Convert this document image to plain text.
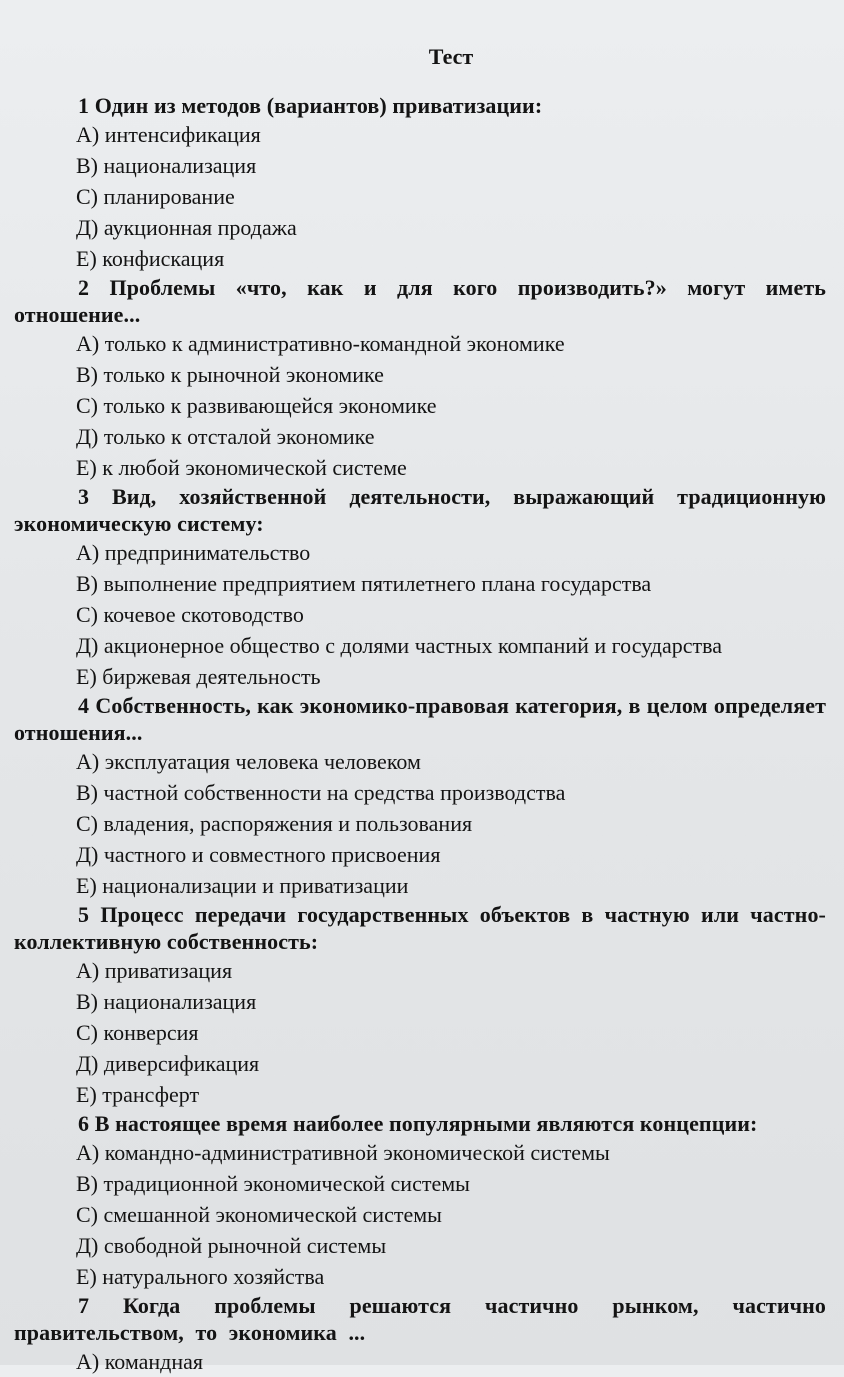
Тест

1 Один из методов (вариантов) приватизации:

А) интенсификация
В) национализация
С) планирование
Д) аукционная продажа
Е) конфискация

2 Проблемы «что, как и для кого производить?» могут иметь отношение...

А) только к административно-командной экономике
В) только к рыночной экономике
С) только к развивающейся экономике
Д) только к отсталой экономике
Е) к любой экономической системе

3 Вид, хозяйственной деятельности, выражающий традиционную экономическую систему:

А) предпринимательство
В) выполнение предприятием пятилетнего плана государства
С) кочевое скотоводство
Д) акционерное общество с долями частных компаний и государства
Е) биржевая деятельность

4 Собственность, как экономико-правовая категория, в целом определяет отношения...

А) эксплуатация человека человеком
В) частной собственности на средства производства
С) владения, распоряжения и пользования
Д) частного и совместного присвоения
Е) национализации и приватизации

5 Процесс передачи государственных объектов в частную или частно-коллективную собственность:

А) приватизация
В) национализация
С) конверсия
Д) диверсификация
Е) трансферт

6 В настоящее время наиболее популярными являются концепции:

А) командно-административной экономической системы
В) традиционной экономической системы
С) смешанной экономической системы
Д) свободной рыночной системы
Е) натурального хозяйства

7 Когда проблемы решаются частично рынком, частично правительством, то экономика ...

А) командная
